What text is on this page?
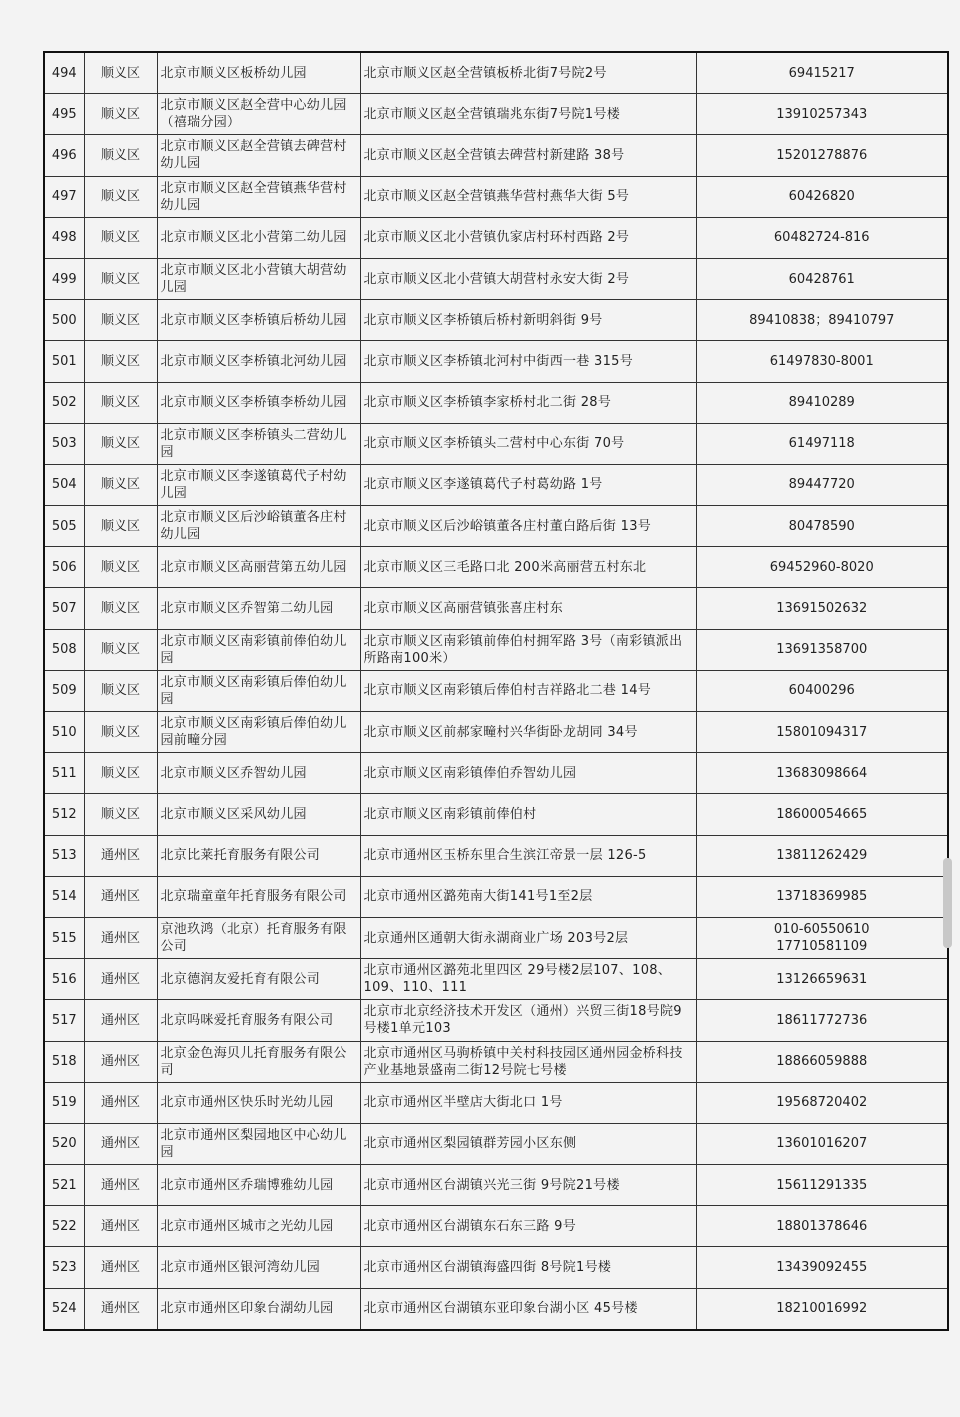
494	顺义区	北京市顺义区板桥幼儿园	北京市顺义区赵全营镇板桥北街7号院2号	69415217

495	顺义区	北京市顺义区赵全营中心幼儿园（禧瑞分园）	北京市顺义区赵全营镇瑞兆东街7号院1号楼	13910257343

496	顺义区	北京市顺义区赵全营镇去碑营村幼儿园	北京市顺义区赵全营镇去碑营村新建路 38号	15201278876

497	顺义区	北京市顺义区赵全营镇燕华营村幼儿园	北京市顺义区赵全营镇燕华营村燕华大街 5号	60426820

498	顺义区	北京市顺义区北小营第二幼儿园	北京市顺义区北小营镇仇家店村环村西路 2号	60482724-816

499	顺义区	北京市顺义区北小营镇大胡营幼儿园	北京市顺义区北小营镇大胡营村永安大街 2号	60428761

500	顺义区	北京市顺义区李桥镇后桥幼儿园	北京市顺义区李桥镇后桥村新明斜街 9号	89410838；89410797

501	顺义区	北京市顺义区李桥镇北河幼儿园	北京市顺义区李桥镇北河村中街西一巷 315号	61497830-8001

502	顺义区	北京市顺义区李桥镇李桥幼儿园	北京市顺义区李桥镇李家桥村北二街 28号	89410289

503	顺义区	北京市顺义区李桥镇头二营幼儿园	北京市顺义区李桥镇头二营村中心东街 70号	61497118

504	顺义区	北京市顺义区李遂镇葛代子村幼儿园	北京市顺义区李遂镇葛代子村葛幼路 1号	89447720

505	顺义区	北京市顺义区后沙峪镇董各庄村幼儿园	北京市顺义区后沙峪镇董各庄村董白路后街 13号	80478590

506	顺义区	北京市顺义区高丽营第五幼儿园	北京市顺义区三毛路口北 200米高丽营五村东北	69452960-8020

507	顺义区	北京市顺义区乔智第二幼儿园	北京市顺义区高丽营镇张喜庄村东	13691502632

508	顺义区	北京市顺义区南彩镇前俸伯幼儿园	北京市顺义区南彩镇前俸伯村拥军路 3号（南彩镇派出所路南100米）	13691358700

509	顺义区	北京市顺义区南彩镇后俸伯幼儿园	北京市顺义区南彩镇后俸伯村吉祥路北二巷 14号	60400296

510	顺义区	北京市顺义区南彩镇后俸伯幼儿园前疃分园	北京市顺义区前郝家疃村兴华街卧龙胡同 34号	15801094317

511	顺义区	北京市顺义区乔智幼儿园	北京市顺义区南彩镇俸伯乔智幼儿园	13683098664

512	顺义区	北京市顺义区采风幼儿园	北京市顺义区南彩镇前俸伯村	18600054665

513	通州区	北京比莱托育服务有限公司	北京市通州区玉桥东里合生滨江帝景一层 126-5	13811262429

514	通州区	北京瑞童童年托育服务有限公司	北京市通州区潞苑南大街141号1至2层	13718369985

515	通州区	京池玖鸿（北京）托育服务有限公司	北京通州区通朝大街永湖商业广场 203号2层	010-60550610
17710581109

516	通州区	北京德润友爱托育有限公司	北京市通州区潞苑北里四区 29号楼2层107、108、109、110、111	13126659631

517	通州区	北京吗咪爱托育服务有限公司	北京市北京经济技术开发区（通州）兴贸三街18号院9号楼1单元103	18611772736

518	通州区	北京金色海贝儿托育服务有限公司	北京市通州区马驹桥镇中关村科技园区通州园金桥科技产业基地景盛南二街12号院七号楼	18866059888

519	通州区	北京市通州区快乐时光幼儿园	北京市通州区半壁店大街北口 1号	19568720402

520	通州区	北京市通州区梨园地区中心幼儿园	北京市通州区梨园镇群芳园小区东侧	13601016207

521	通州区	北京市通州区乔瑞博雅幼儿园	北京市通州区台湖镇兴光三街 9号院21号楼	15611291335

522	通州区	北京市通州区城市之光幼儿园	北京市通州区台湖镇东石东三路 9号	18801378646

523	通州区	北京市通州区银河湾幼儿园	北京市通州区台湖镇海盛四街 8号院1号楼	13439092455

524	通州区	北京市通州区印象台湖幼儿园	北京市通州区台湖镇东亚印象台湖小区 45号楼	18210016992
